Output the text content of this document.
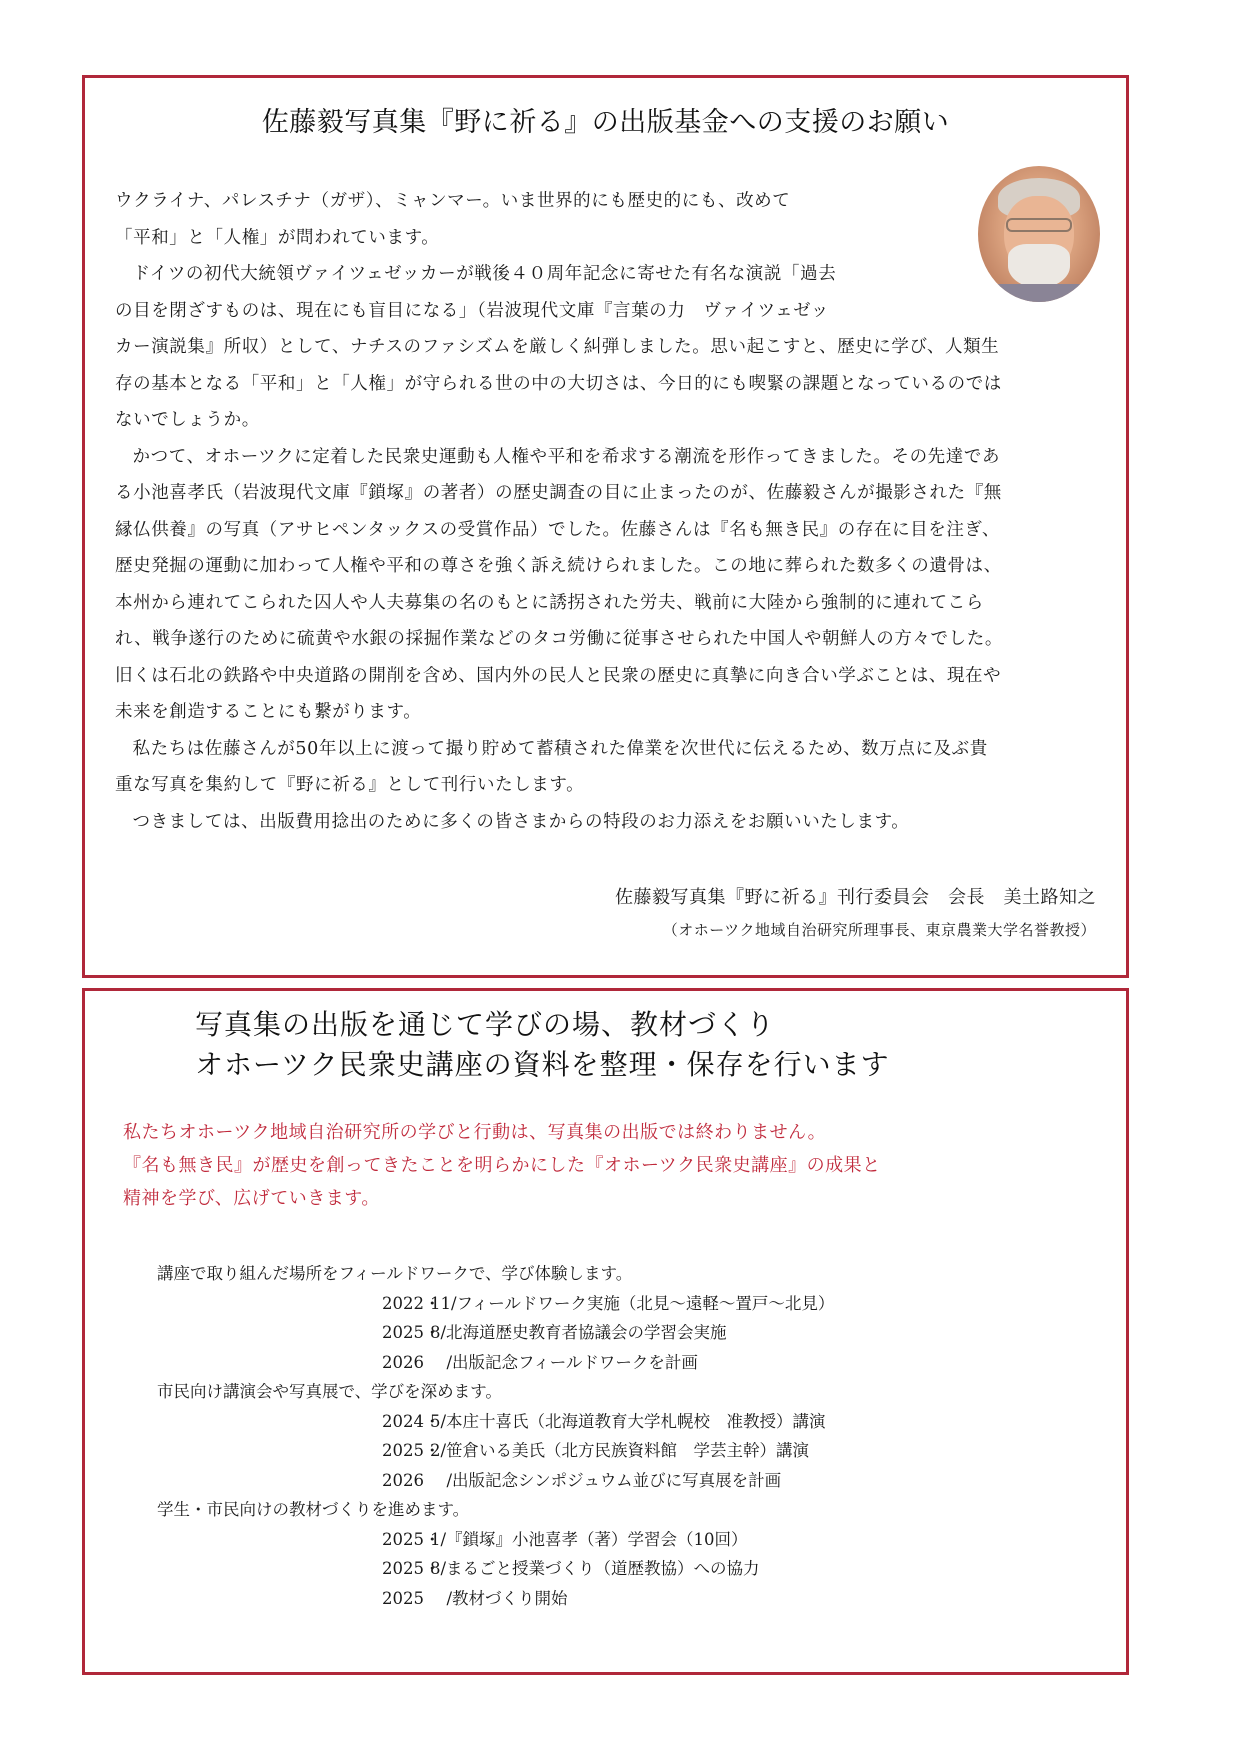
佐藤毅写真集『野に祈る』の出版基金への支援のお願い

ウクライナ、パレスチナ（ガザ）、ミャンマー。いま世界的にも歴史的にも、改めて

「平和」と「人権」が問われています。

ドイツの初代大統領ヴァイツェゼッカーが戦後４０周年記念に寄せた有名な演説「過去

の目を閉ざすものは、現在にも盲目になる」（岩波現代文庫『言葉の力　ヴァイツェゼッ

カー演説集』所収）として、ナチスのファシズムを厳しく糾弾しました。思い起こすと、歴史に学び、人類生

存の基本となる「平和」と「人権」が守られる世の中の大切さは、今日的にも喫緊の課題となっているのでは

ないでしょうか。

かつて、オホーツクに定着した民衆史運動も人権や平和を希求する潮流を形作ってきました。その先達であ

る小池喜孝氏（岩波現代文庫『鎖塚』の著者）の歴史調査の目に止まったのが、佐藤毅さんが撮影された『無

縁仏供養』の写真（アサヒペンタックスの受賞作品）でした。佐藤さんは『名も無き民』の存在に目を注ぎ、

歴史発掘の運動に加わって人権や平和の尊さを強く訴え続けられました。この地に葬られた数多くの遺骨は、

本州から連れてこられた囚人や人夫募集の名のもとに誘拐された労夫、戦前に大陸から強制的に連れてこら

れ、戦争遂行のために硫黄や水銀の採掘作業などのタコ労働に従事させられた中国人や朝鮮人の方々でした。

旧くは石北の鉄路や中央道路の開削を含め、国内外の民人と民衆の歴史に真摯に向き合い学ぶことは、現在や

未来を創造することにも繋がります。

私たちは佐藤さんが50年以上に渡って撮り貯めて蓄積された偉業を次世代に伝えるため、数万点に及ぶ貴

重な写真を集約して『野に祈る』として刊行いたします。

つきましては、出版費用捻出のために多くの皆さまからの特段のお力添えをお願いいたします。

佐藤毅写真集『野に祈る』刊行委員会　会長　美土路知之
（オホーツク地域自治研究所理事長、東京農業大学名誉教授）
写真集の出版を通じて学びの場、教材づくり
オホーツク民衆史講座の資料を整理・保存を行います

私たちオホーツク地域自治研究所の学びと行動は、写真集の出版では終わりません。

『名も無き民』が歴史を創ってきたことを明らかにした『オホーツク民衆史講座』の成果と

精神を学び、広げていきます。

講座で取り組んだ場所をフィールドワークで、学び体験します。

2022・11/フィールドワーク実施（北見～遠軽～置戸～北見）
2025・8/北海道歴史教育者協議会の学習会実施
2026　/出版記念フィールドワークを計画

市民向け講演会や写真展で、学びを深めます。

2024・5/本庄十喜氏（北海道教育大学札幌校　准教授）講演
2025・2/笹倉いる美氏（北方民族資料館　学芸主幹）講演
2026　/出版記念シンポジュウム並びに写真展を計画

学生・市民向けの教材づくりを進めます。

2025・1/『鎖塚』小池喜孝（著）学習会（10回）
2025・8/まるごと授業づくり（道歴教協）への協力
2025　/教材づくり開始
